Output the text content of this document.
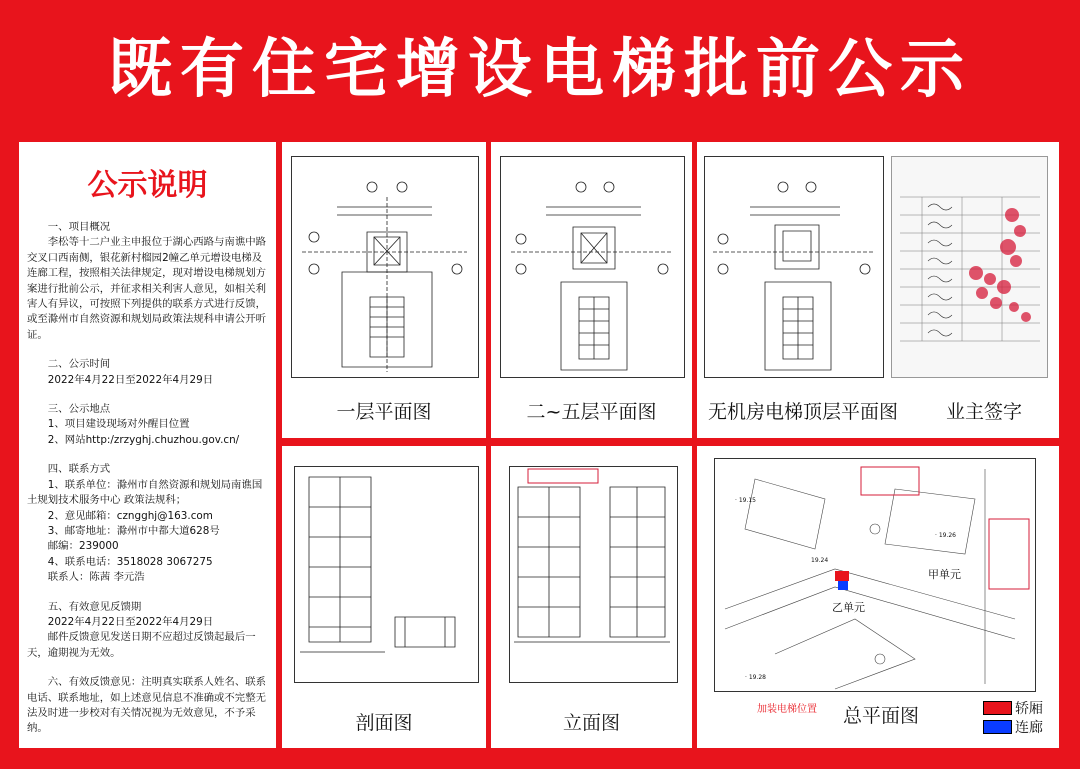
既有住宅增设电梯批前公示
公示说明

一、项目概况

李松等十二户业主申报位于湖心西路与南谯中路交叉口西南侧，银花新村榴园2幢乙单元增设电梯及连廊工程，按照相关法律规定，现对增设电梯规划方案进行批前公示，并征求相关利害人意见，如相关利害人有异议，可按照下列提供的联系方式进行反馈，或至滁州市自然资源和规划局政策法规科申请公开听证。

二、公示时间

2022年4月22日至2022年4月29日

三、公示地点

1、项目建设现场对外醒目位置

2、网站http:/zrzyghj.chuzhou.gov.cn/

四、联系方式

1、联系单位：滁州市自然资源和规划局南谯国土规划技术服务中心 政策法规科；

2、意见邮箱：czngghj@163.com

3、邮寄地址：滁州市中都大道628号

邮编：239000

4、联系电话：3518028 3067275

联系人：陈茜 李元浩

五、有效意见反馈期

2022年4月22日至2022年4月29日

邮件反馈意见发送日期不应超过反馈起最后一天，逾期视为无效。

六、有效反馈意见：注明真实联系人姓名、联系电话、联系地址，如上述意见信息不准确或不完整无法及时进一步校对有关情况视为无效意见，不予采纳。

一层平面图	二~五层平面图	无机房电梯顶层平面图	业主签字
剖面图	立面图
· 19.15
19.24
· 19.26
· 19.28
甲单元
乙单元
加装电梯位置	总平面图	轿厢
连廊
